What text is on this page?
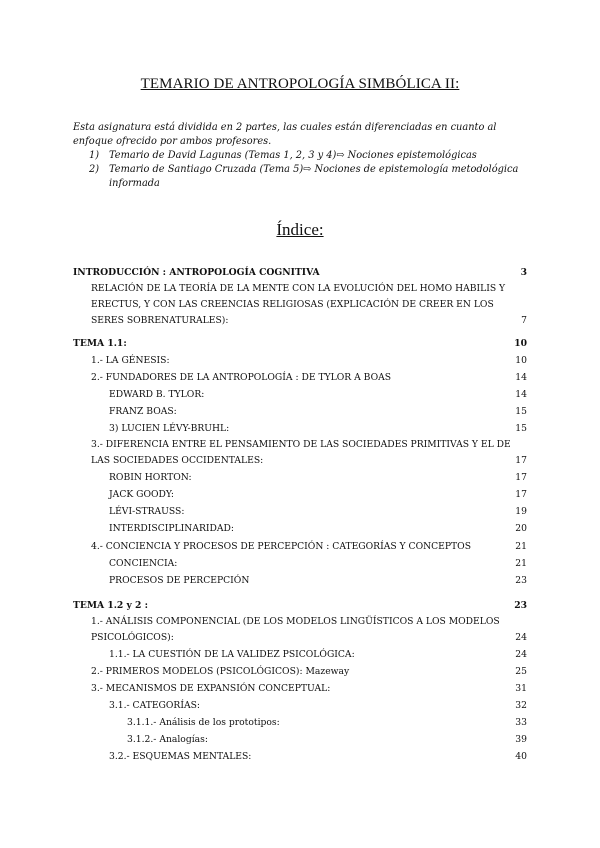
TEMARIO DE ANTROPOLOGÍA SIMBÓLICA II:
Esta asignatura está dividida en 2 partes, las cuales están diferenciadas en cuanto al enfoque ofrecido por ambos profesores.
1) Temario de David Lagunas (Temas 1, 2, 3 y 4)⇨ Nociones epistemológicas
2) Temario de Santiago Cruzada (Tema 5)⇨ Nociones de epistemología metodológica informada
Índice:
INTRODUCCIÓN : ANTROPOLOGÍA COGNITIVA	3
RELACIÓN DE LA TEORÍA DE LA MENTE CON LA EVOLUCIÓN DEL HOMO HABILIS Y ERECTUS, Y CON LAS CREENCIAS RELIGIOSAS (EXPLICACIÓN DE CREER EN LOS SERES SOBRENATURALES):	7
TEMA 1.1:	10
1.- LA GÉNESIS:	10
2.- FUNDADORES DE LA ANTROPOLOGÍA : DE TYLOR A BOAS	14
EDWARD B. TYLOR:	14
FRANZ BOAS:	15
3) LUCIEN LÉVY-BRUHL:	15
3.- DIFERENCIA ENTRE EL PENSAMIENTO DE LAS SOCIEDADES PRIMITIVAS Y EL DE LAS SOCIEDADES OCCIDENTALES:	17
ROBIN HORTON:	17
JACK GOODY:	17
LÉVI-STRAUSS:	19
INTERDISCIPLINARIDAD:	20
4.- CONCIENCIA Y PROCESOS DE PERCEPCIÓN : CATEGORÍAS Y CONCEPTOS	21
CONCIENCIA:	21
PROCESOS DE PERCEPCIÓN	23
TEMA 1.2 y 2 :	23
1.- ANÁLISIS COMPONENCIAL (DE LOS MODELOS LINGÜÍSTICOS A LOS MODELOS PSICOLÓGICOS):	24
1.1.- LA CUESTIÓN DE LA VALIDEZ PSICOLÓGICA:	24
2.- PRIMEROS MODELOS (PSICOLÓGICOS): Mazeway	25
3.- MECANISMOS DE EXPANSIÓN CONCEPTUAL:	31
3.1.- CATEGORÍAS:	32
3.1.1.- Análisis de los prototipos:	33
3.1.2.- Analogías:	39
3.2.- ESQUEMAS MENTALES:	40
